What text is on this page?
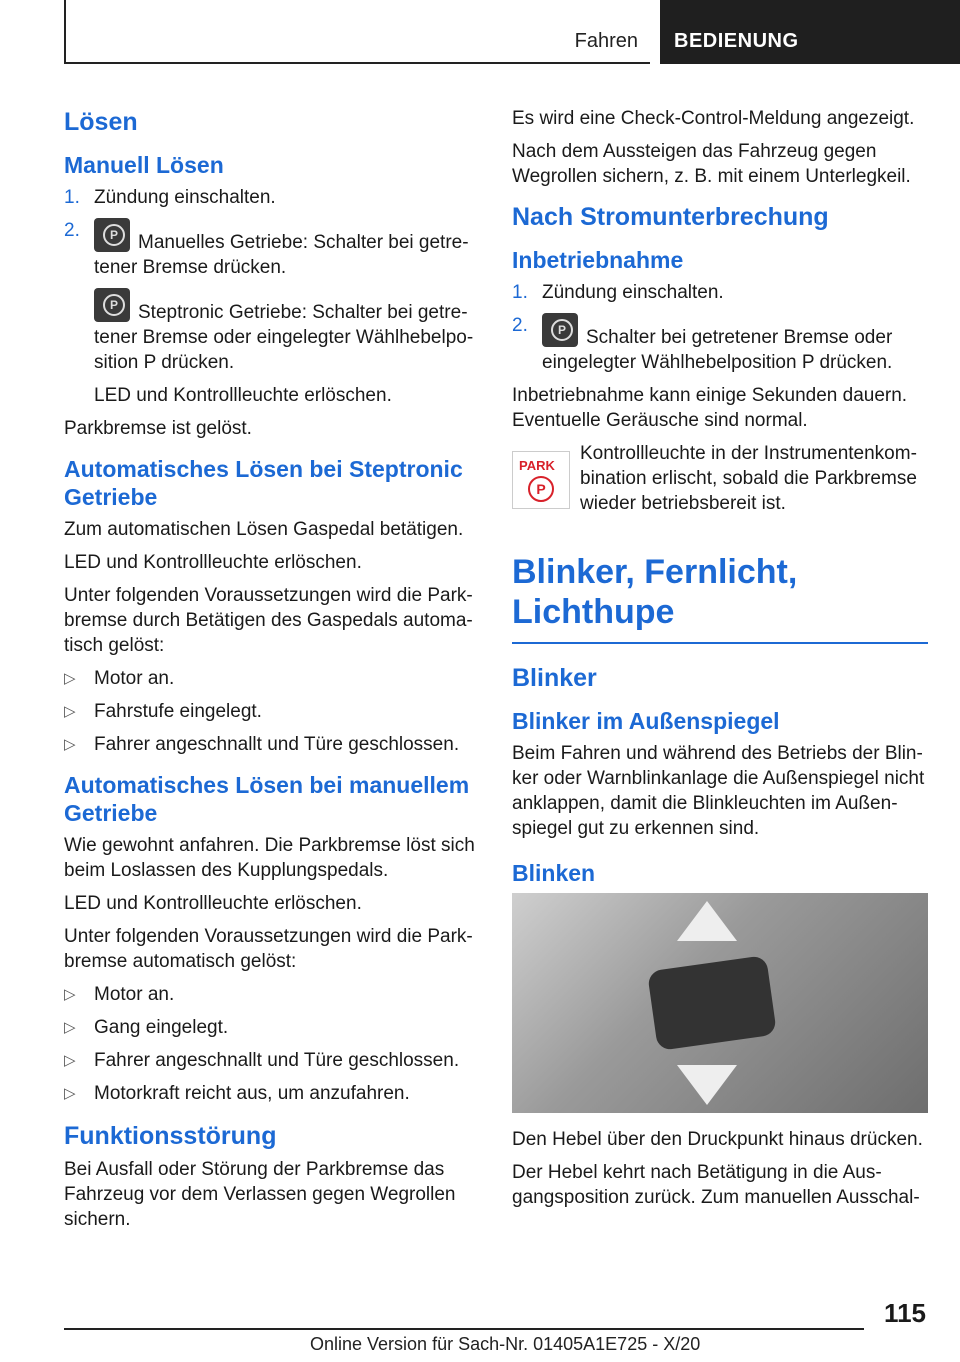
Fahren BEDIENUNG
Lösen
Manuell Lösen
1. Zündung einschalten.
2.
PManuelles Getriebe: Schalter bei getretener Bremse drücken.
PSteptronic Getriebe: Schalter bei getretener Bremse oder eingelegter Wählhebelposition P drücken.
LED und Kontrollleuchte erlöschen.

Parkbremse ist gelöst.

Automatisches Lösen bei Steptronic Getriebe

Zum automatischen Lösen Gaspedal betätigen.

LED und Kontrollleuchte erlöschen.

Unter folgenden Voraussetzungen wird die Parkbremse durch Betätigen des Gaspedals automatisch gelöst:

▷ Motor an.
▷ Fahrstufe eingelegt.
▷ Fahrer angeschnallt und Türe geschlossen.
Automatisches Lösen bei manuellem Getriebe

Wie gewohnt anfahren. Die Parkbremse löst sich beim Loslassen des Kupplungspedals.

LED und Kontrollleuchte erlöschen.

Unter folgenden Voraussetzungen wird die Parkbremse automatisch gelöst:

▷ Motor an.
▷ Gang eingelegt.
▷ Fahrer angeschnallt und Türe geschlossen.
▷ Motorkraft reicht aus, um anzufahren.
Funktionsstörung

Bei Ausfall oder Störung der Parkbremse das Fahrzeug vor dem Verlassen gegen Wegrollen sichern.

Es wird eine Check-Control-Meldung angezeigt.

Nach dem Aussteigen das Fahrzeug gegen Wegrollen sichern, z. B. mit einem Unterlegkeil.

Nach Stromunterbrechung
Inbetriebnahme
1. Zündung einschalten.
2.
PSchalter bei getretener Bremse oder eingelegter Wählhebelposition P drücken.

Inbetriebnahme kann einige Sekunden dauern. Eventuelle Geräusche sind normal.

PARK
P

Kontrollleuchte in der Instrumentenkombination erlischt, sobald die Parkbremse wieder betriebsbereit ist.

Blinker, Fernlicht, Lichthupe
Blinker
Blinker im Außenspiegel

Beim Fahren und während des Betriebs der Blinker oder Warnblinkanlage die Außenspiegel nicht anklappen, damit die Blinkleuchten im Außenspiegel gut zu erkennen sind.

Blinken

Den Hebel über den Druckpunkt hinaus drücken.

Der Hebel kehrt nach Betätigung in die Ausgangsposition zurück. Zum manuellen Ausschal-

115
Online Version für Sach-Nr. 01405A1E725 - X/20
